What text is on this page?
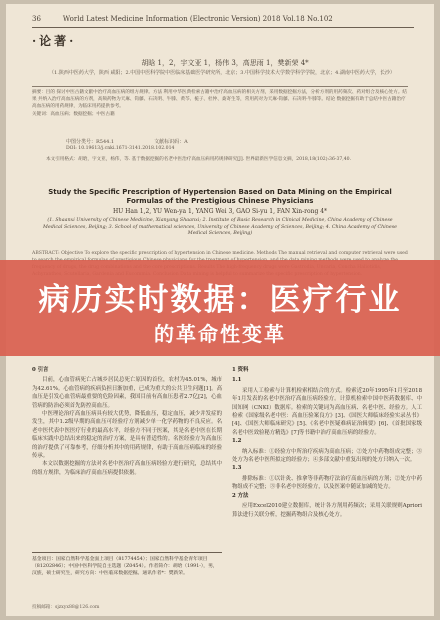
36	World Latest Medicine Information (Electronic Version) 2018 Vol.18 No.102
·论著·
胡晗 1，2，宇文亚 1，杨伟 3，高思雨 1，樊新荣 4*
（1.陕西中医药大学，陕西 咸阳；2.中国中医科学院中医临床基础医学研究所，北京；3.中国科学技术大学数学科学学院，北京；4.湖南中医药大学，长沙）
摘要：目的 探讨中医古籍文献中治疗高血压病的组方规律。方法 利用中华医典检索古籍中治疗高血压病的相关方剂，采用数据挖掘方法，分析方剂的用药频次、药对组合及核心处方。结果 共纳入治疗高血压病的方剂，高频药物为天麻、钩藤、石决明、牛膝、黄芩、栀子、杜仲、桑寄生等，常用药对为天麻-钩藤、石决明-牛膝等。结论 数据挖掘有助于总结中医古籍治疗高血压病的用药规律，为临床用药提供参考。
关键词：高血压病；数据挖掘；中医古籍
中图分类号：R544.1	文献标识码：A
DOI: 10.19613/j.cnki.1671-3141.2018.102.014
本文引用格式：胡晗，宇文亚，杨伟，等. 基于数据挖掘的名老中医治疗高血压病用药规律研究[J]. 世界最新医学信息文摘，2018,18(102):36-37,40.
Study the Specific Prescription of Hypertension Based on Data Mining on the Empirical Formulas of the Prestigious Chinese Physicians
HU Han 1,2, YU Wen-ya 1, YANG Wei 3, GAO Si-yu 1, FAN Xin-rong 4*
(1. Shaanxi University of Chinese Medicine, Xianyang Shaanxi; 2. Institute of Basic Research in Clinical Medicine, China Academy of Chinese Medical Sciences, Beijing; 3. School of mathematical sciences, University of Chinese Academy of Sciences, Beijing; 4. China Academy of Chinese Medical Sciences, Beijing)
ABSTRACT: Objective To explore the specific prescription of hypertension in Chinese medicine. Methods The manual retrieval and computer retrieval were used
0 引言

目前，心血管病死亡占城乡居民总死亡原因的首位，农村为45.01%，城市为42.61%。心血管病的疾病负担日渐加重，已成为重大的公共卫生问题[1]。高血压是引发心血管病最重要的危险因素，我国目前有高血压患者2.7亿[2]，心血管病的防治必须首先防控高血压。

中医理论治疗高血压病具有较大优势，降低血压，稳定血压，减少并发症的发生，其中1.2级早期的高血压可经验疗方剂减少单一化学药物的不良反应。名老中医代表中医医疗行业的最高水平，经验方不同于医案，其是名老中医在长期临床实践中总结出来的稳定的治疗方案，是具有普适性的。名医经验方为高血压的治疗提供了可靠参考，仔细分析其中的用药规律，有助于高血压病临床的经验传承。

本文以数据挖掘的方法对名老中医治疗高血压病经验方进行研究，总结其中的组方规律，为临床治疗高血压病提供依据。

基金项目：国家自然科学基金面上项目（81774454）；国家自然科学基金青年项目（81202846）；中国中医科学院自主选题（Z0454）。作者简介：胡晗（1991-），男，汉族，硕士研究生，研究方向：中医临床数据挖掘。通讯作者*：樊新荣。
1 资料
1.1

采用人工检索与计算机检索相结合的方式。检索近20年1995年1月至2018年1月发表的名老中医治疗高血压病经验方。计算机检索中国中医药数据库、中国知网（CNKI）数据库。检索的关键词为高血压病、名老中医、经验方。人工检索《国家级名老中医：高血压验案良方》[3]、《国医大师临床经验实录丛书》[4]、《国医大师临床研究》[5]、《名老中医疑难病证治辑要》[6]、《首批国家级名老中医效验秘方精选》[7]等书籍中治疗高血压病的经验方。

1.2

纳入标准：①经验方中所治疗疾病为高血压病；②处方中药物组成完整；③处方为名老中医所拟定的经验方；④多部文献中重复出现的处方只纳入一次。

1.3

排除标准：①以针灸、推拿等非药物疗法治疗高血压病的方剂；②处方中药物组成不完整；③非名老中医经验方，以及医案中随证加减的处方。

2 方法

应用Excel2010建立数据库，统计各方剂用药频次；采用关联规则Apriori算法进行关联分析，挖掘药物组合及核心处方。

投稿邮箱：sjzxyx88@126.com
病历实时数据：医疗行业
的革命性变革
